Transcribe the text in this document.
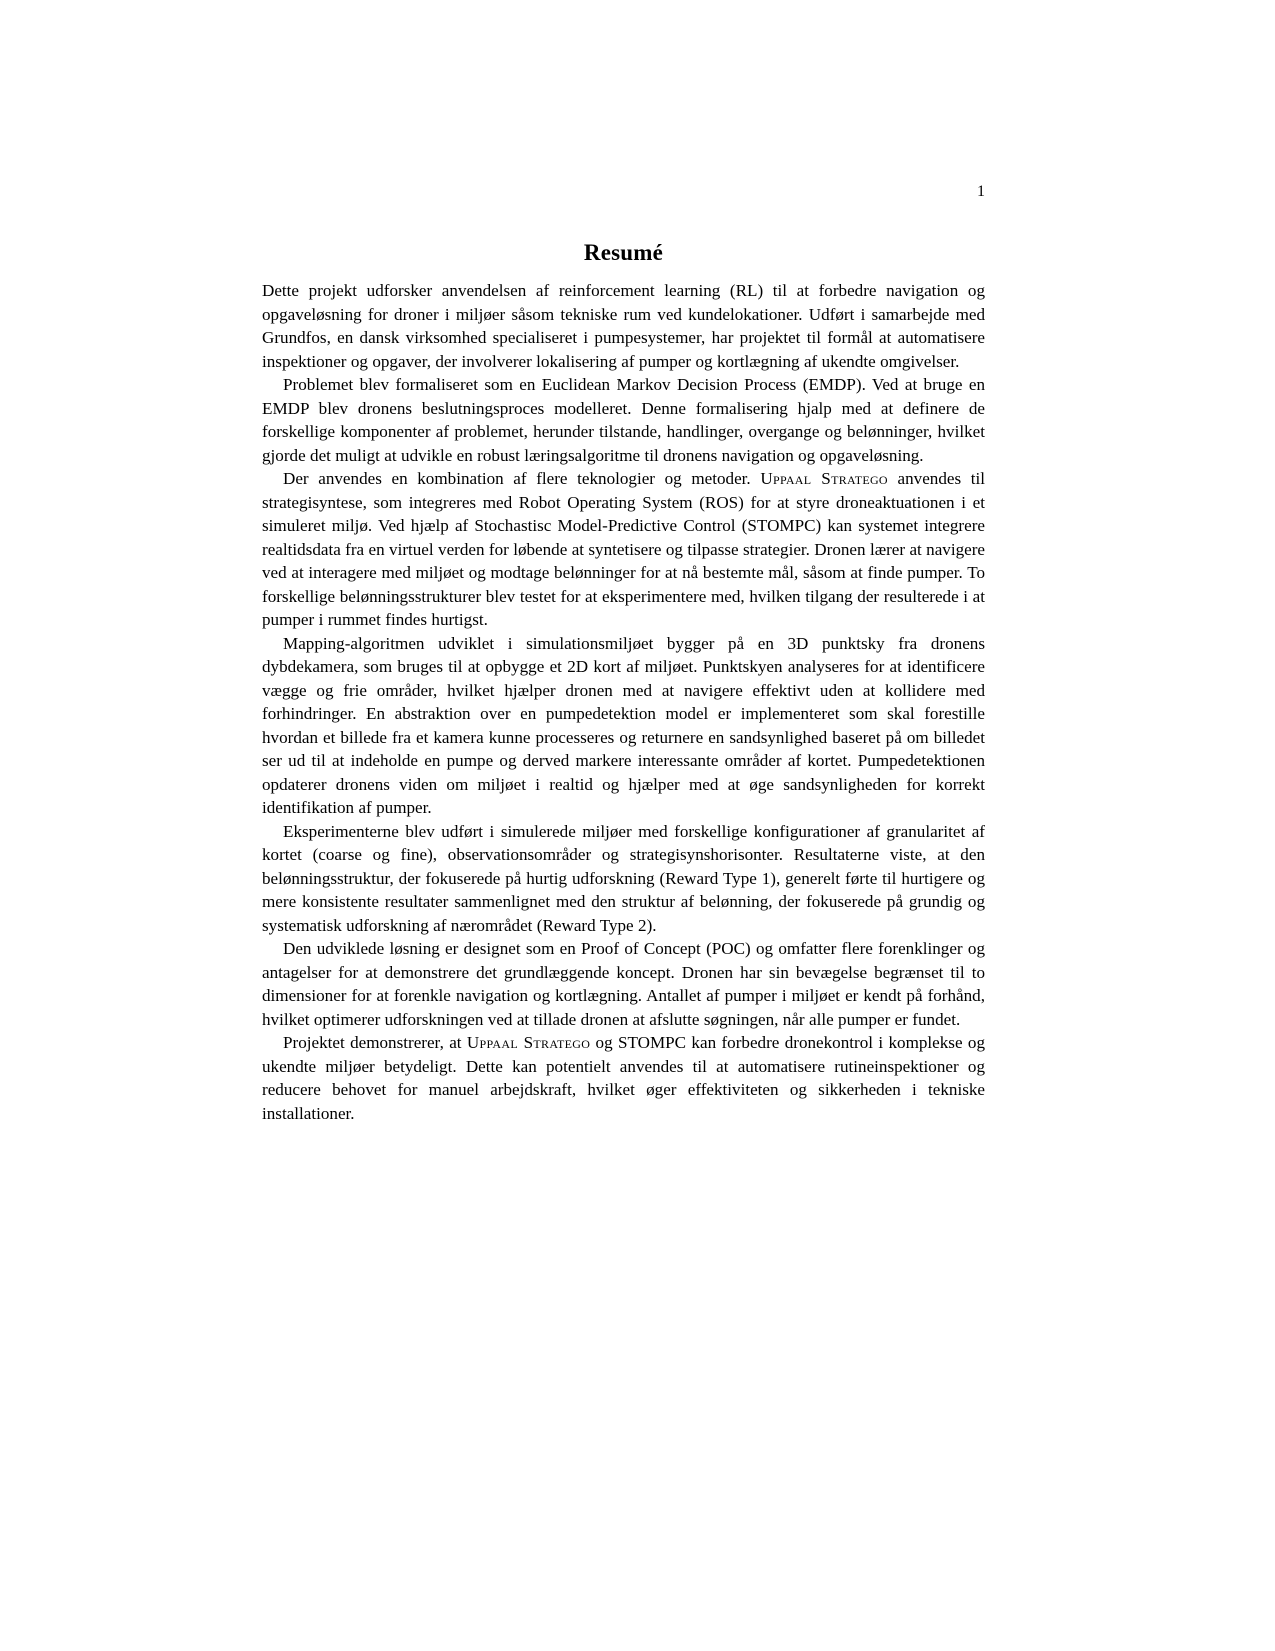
1
Resumé

Dette projekt udforsker anvendelsen af reinforcement learning (RL) til at forbedre navigation og opgaveløsning for droner i miljøer såsom tekniske rum ved kundelokationer. Udført i samarbejde med Grundfos, en dansk virksomhed specialiseret i pumpesystemer, har projektet til formål at automatisere inspektioner og opgaver, der involverer lokalisering af pumper og kortlægning af ukendte omgivelser.

Problemet blev formaliseret som en Euclidean Markov Decision Process (EMDP). Ved at bruge en EMDP blev dronens beslutningsproces modelleret. Denne formalisering hjalp med at definere de forskellige komponenter af problemet, herunder tilstande, handlinger, overgange og belønninger, hvilket gjorde det muligt at udvikle en robust læringsalgoritme til dronens navigation og opgaveløsning.

Der anvendes en kombination af flere teknologier og metoder. Uppaal Stratego anvendes til strategisyntese, som integreres med Robot Operating System (ROS) for at styre droneaktuationen i et simuleret miljø. Ved hjælp af Stochastisc Model-Predictive Control (STOMPC) kan systemet integrere realtidsdata fra en virtuel verden for løbende at syntetisere og tilpasse strategier. Dronen lærer at navigere ved at interagere med miljøet og modtage belønninger for at nå bestemte mål, såsom at finde pumper. To forskellige belønningsstrukturer blev testet for at eksperimentere med, hvilken tilgang der resulterede i at pumper i rummet findes hurtigst.

Mapping-algoritmen udviklet i simulationsmiljøet bygger på en 3D punktsky fra dronens dybdekamera, som bruges til at opbygge et 2D kort af miljøet. Punktskyen analyseres for at identificere vægge og frie områder, hvilket hjælper dronen med at navigere effektivt uden at kollidere med forhindringer. En abstraktion over en pumpedetektion model er implementeret som skal forestille hvordan et billede fra et kamera kunne processeres og returnere en sandsynlighed baseret på om billedet ser ud til at indeholde en pumpe og derved markere interessante områder af kortet. Pumpedetektionen opdaterer dronens viden om miljøet i realtid og hjælper med at øge sandsynligheden for korrekt identifikation af pumper.

Eksperimenterne blev udført i simulerede miljøer med forskellige konfigurationer af granularitet af kortet (coarse og fine), observationsområder og strategisynshorisonter. Resultaterne viste, at den belønningsstruktur, der fokuserede på hurtig udforskning (Reward Type 1), generelt førte til hurtigere og mere konsistente resultater sammenlignet med den struktur af belønning, der fokuserede på grundig og systematisk udforskning af nærområdet (Reward Type 2).

Den udviklede løsning er designet som en Proof of Concept (POC) og omfatter flere forenklinger og antagelser for at demonstrere det grundlæggende koncept. Dronen har sin bevægelse begrænset til to dimensioner for at forenkle navigation og kortlægning. Antallet af pumper i miljøet er kendt på forhånd, hvilket optimerer udforskningen ved at tillade dronen at afslutte søgningen, når alle pumper er fundet.

Projektet demonstrerer, at Uppaal Stratego og STOMPC kan forbedre dronekontrol i komplekse og ukendte miljøer betydeligt. Dette kan potentielt anvendes til at automatisere rutineinspektioner og reducere behovet for manuel arbejdskraft, hvilket øger effektiviteten og sikkerheden i tekniske installationer.
